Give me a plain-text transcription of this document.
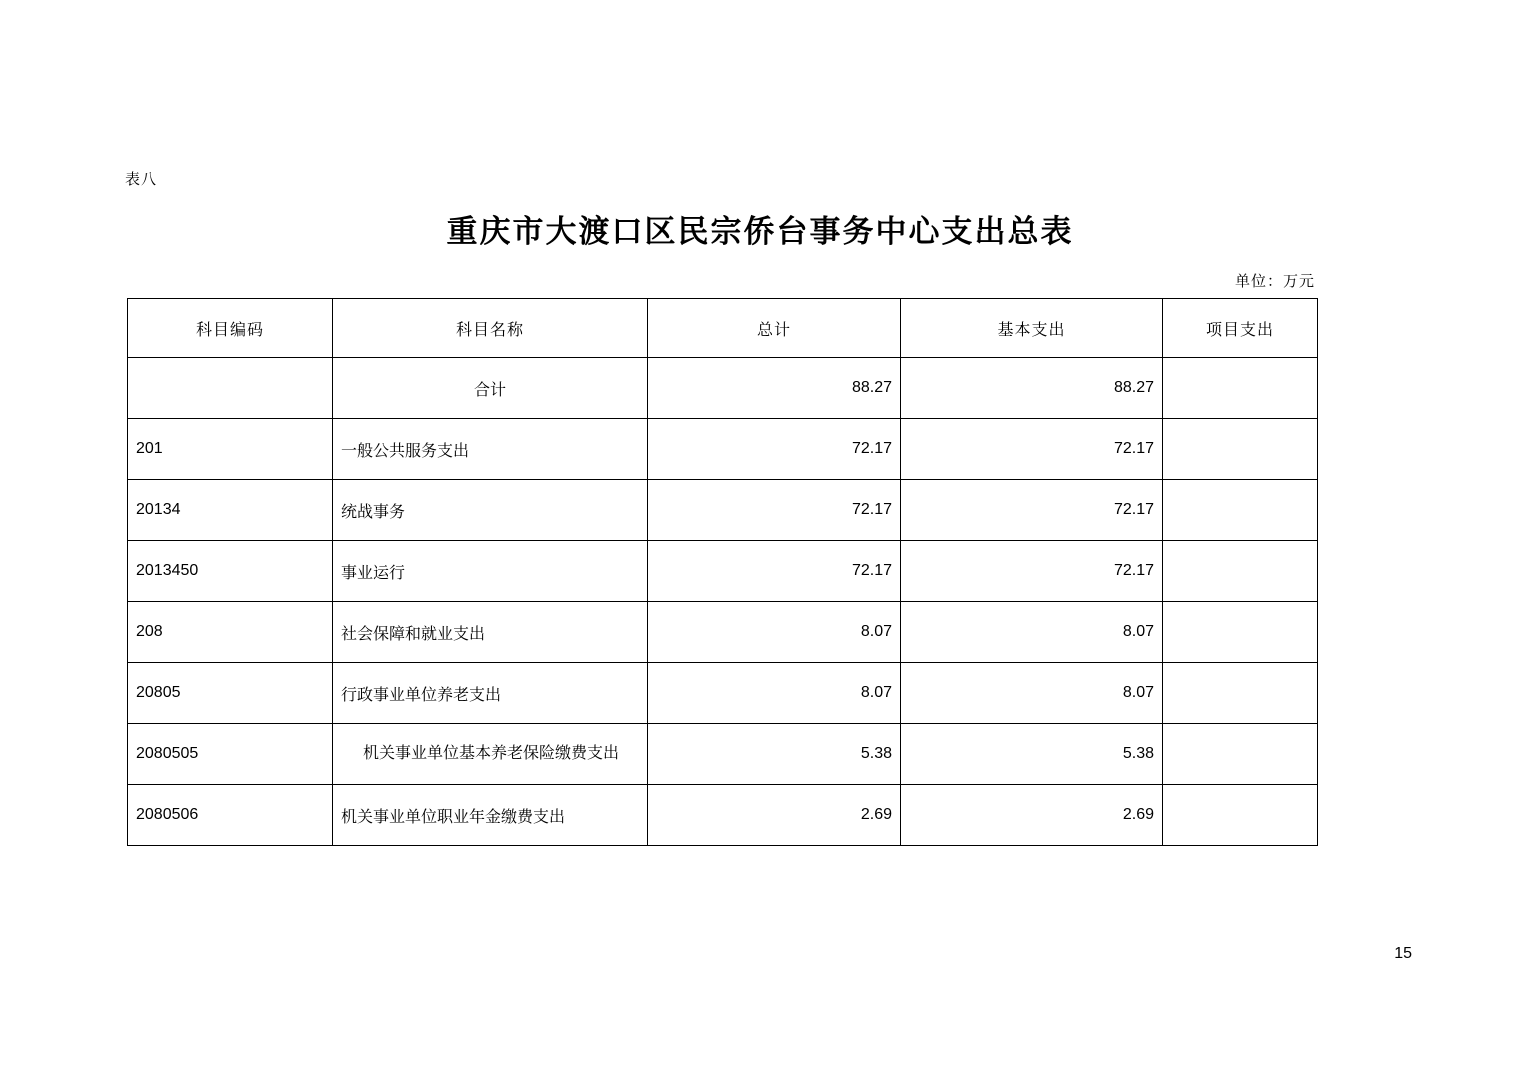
表八
重庆市大渡口区民宗侨台事务中心支出总表
单位：万元
科目编码	科目名称	总计	基本支出	项目支出
	合计	88.27	88.27	
201	一般公共服务支出	72.17	72.17	
20134	统战事务	72.17	72.17	
2013450	事业运行	72.17	72.17	
208	社会保障和就业支出	8.07	8.07	
20805	行政事业单位养老支出	8.07	8.07	
2080505	机关事业单位基本养老保险缴费支出	5.38	5.38	
2080506	机关事业单位职业年金缴费支出	2.69	2.69	
15
